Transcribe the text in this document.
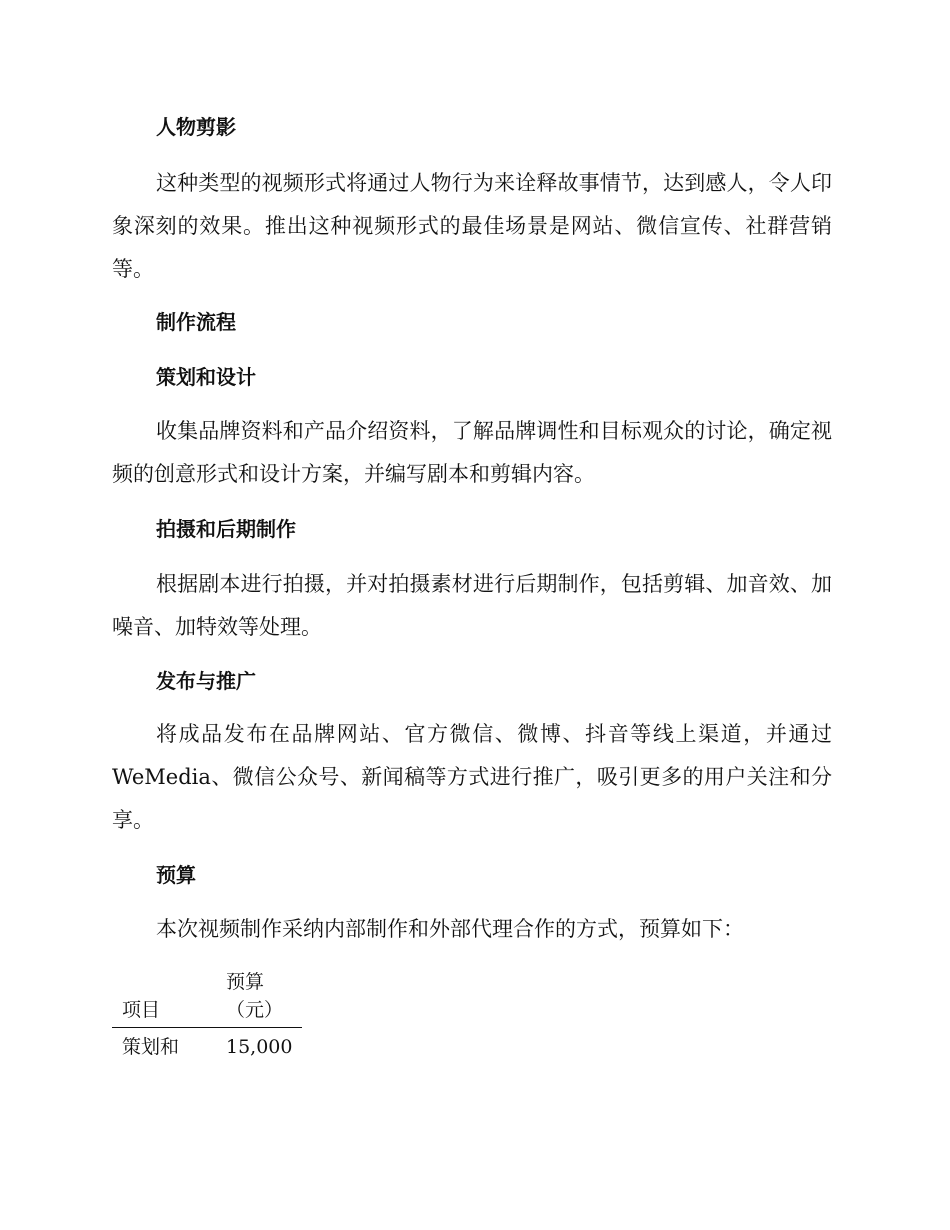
人物剪影
这种类型的视频形式将通过人物行为来诠释故事情节，达到感人，令人印象深刻的效果。推出这种视频形式的最佳场景是网站、微信宣传、社群营销等。
制作流程
策划和设计
收集品牌资料和产品介绍资料，了解品牌调性和目标观众的讨论，确定视频的创意形式和设计方案，并编写剧本和剪辑内容。
拍摄和后期制作
根据剧本进行拍摄，并对拍摄素材进行后期制作，包括剪辑、加音效、加噪音、加特效等处理。
发布与推广
将成品发布在品牌网站、官方微信、微博、抖音等线上渠道，并通过WeMedia、微信公众号、新闻稿等方式进行推广，吸引更多的用户关注和分享。
预算
本次视频制作采纳内部制作和外部代理合作的方式，预算如下：
项目	预算（元）
策划和	15,000
